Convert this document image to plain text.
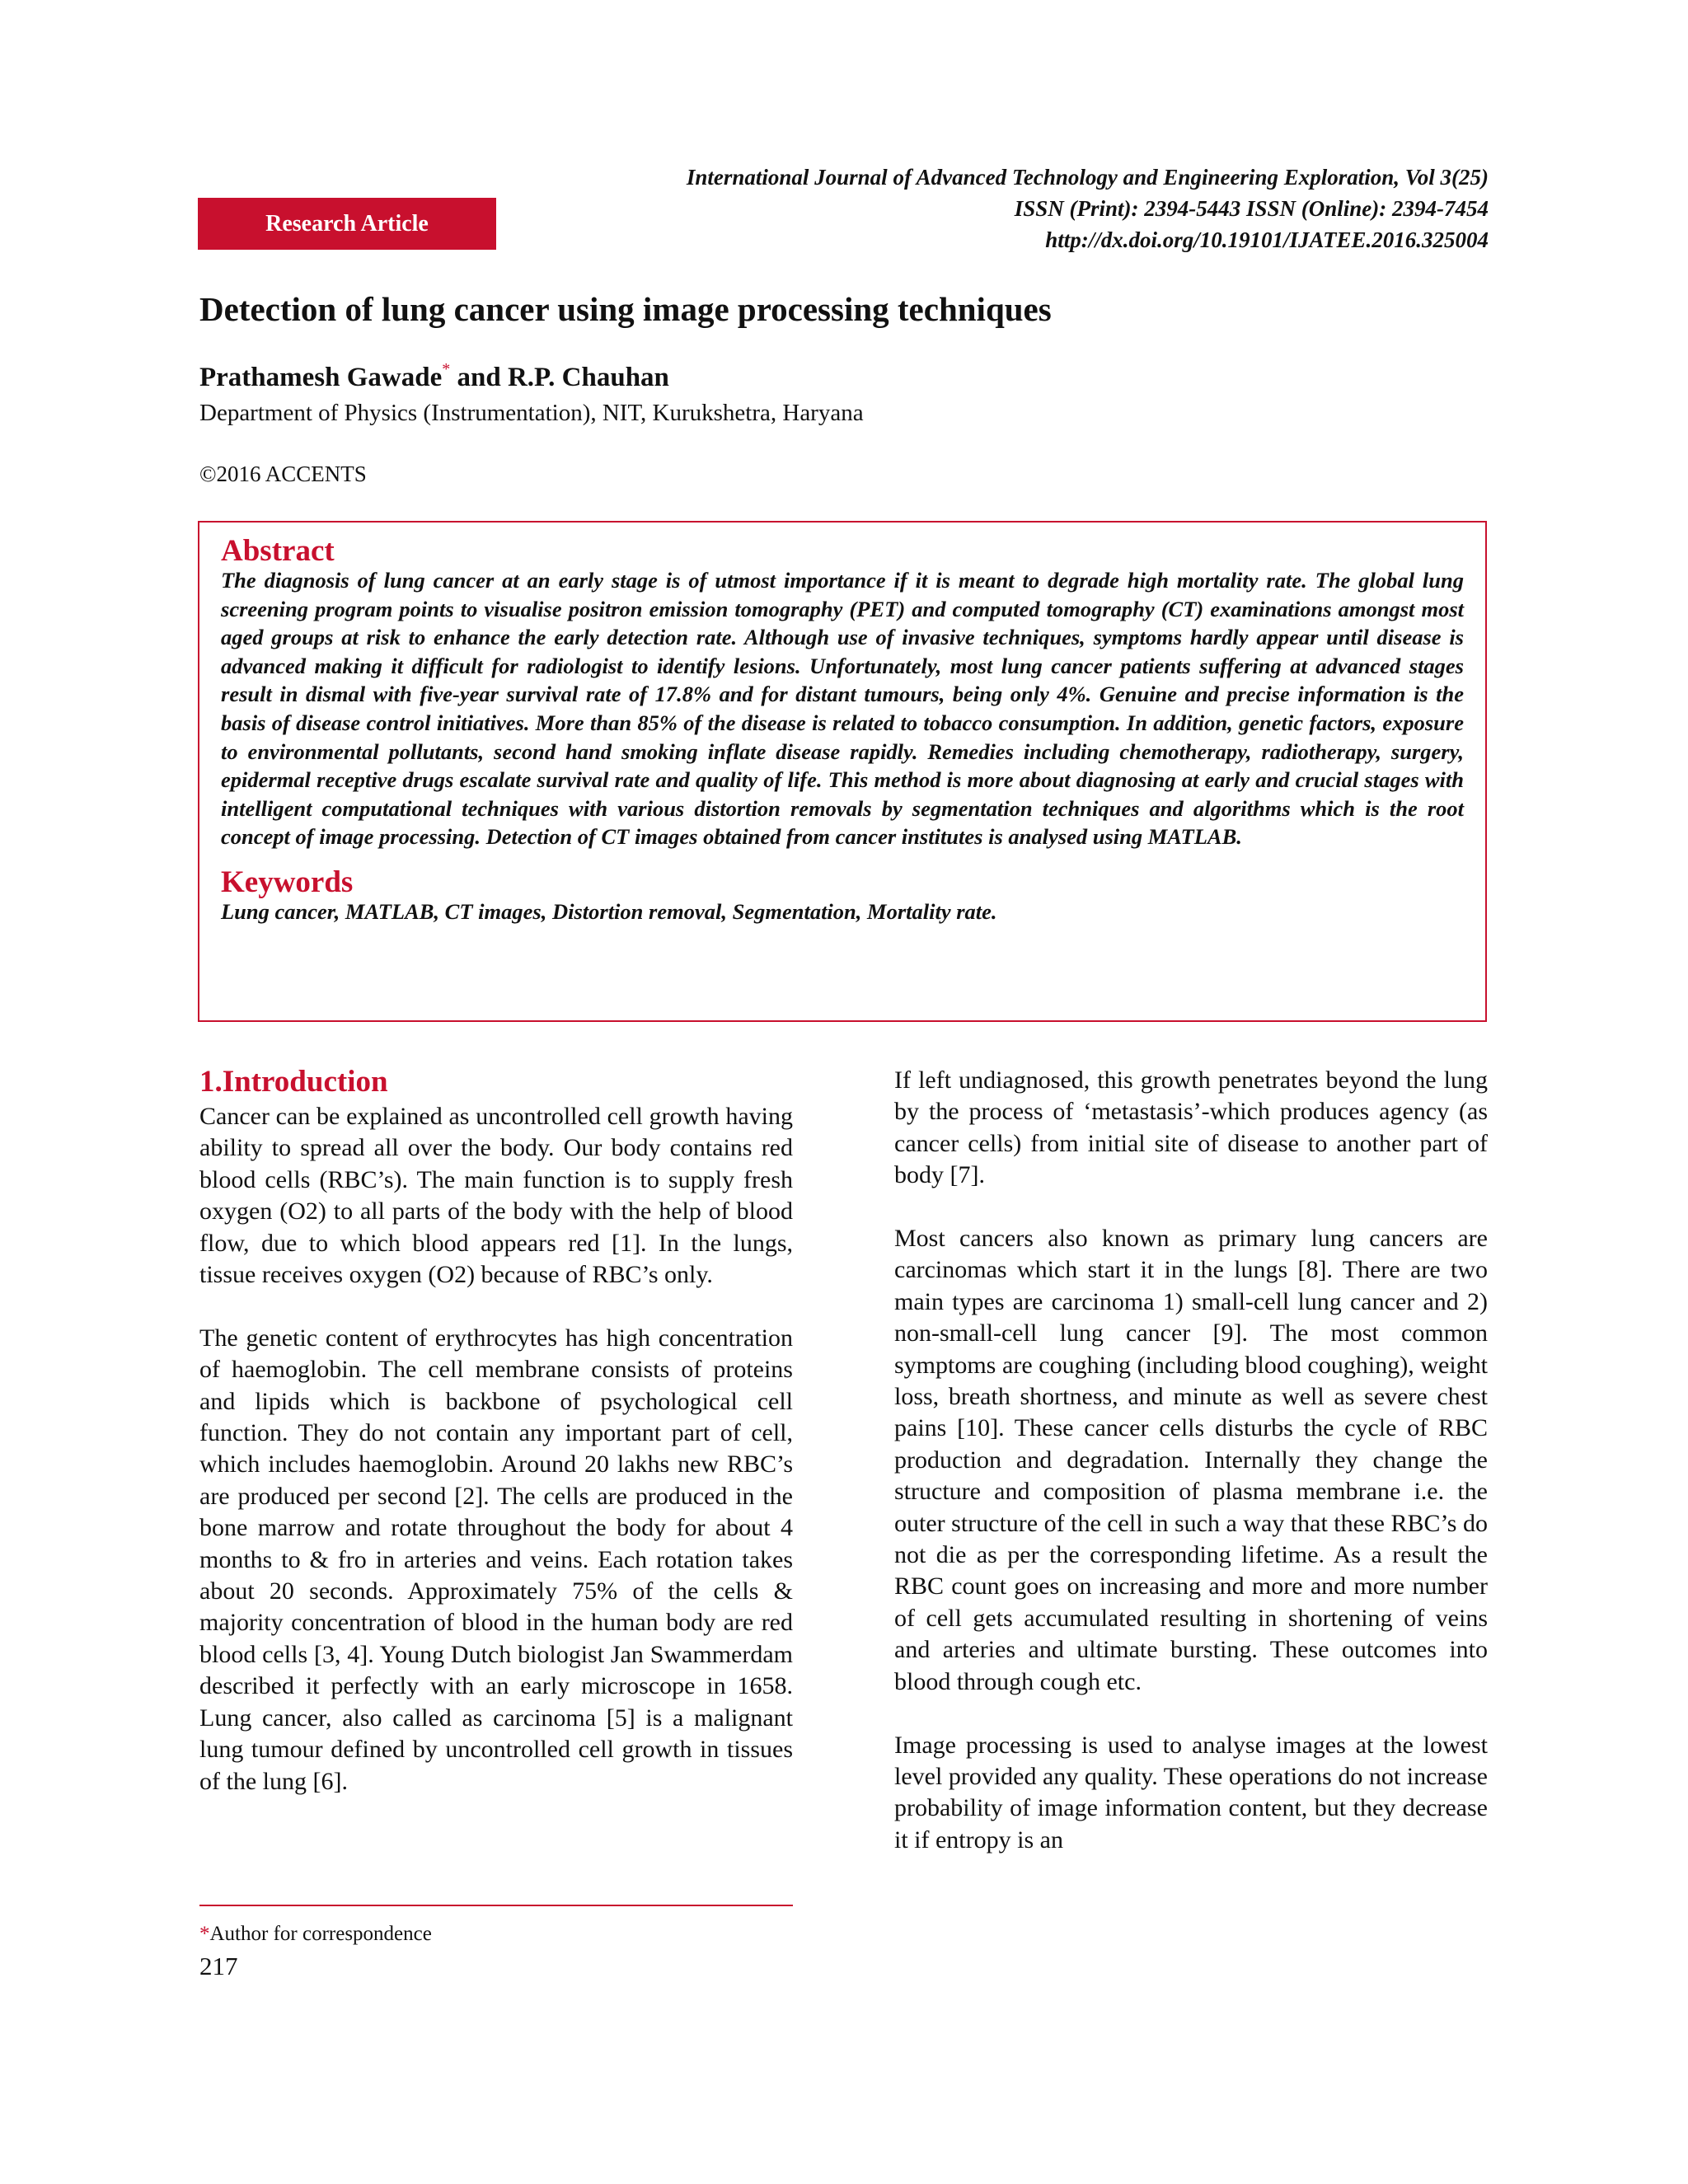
International Journal of Advanced Technology and Engineering Exploration, Vol 3(25)
ISSN (Print): 2394-5443 ISSN (Online): 2394-7454
http://dx.doi.org/10.19101/IJATEE.2016.325004
Research Article
Detection of lung cancer using image processing techniques
Prathamesh Gawade* and R.P. Chauhan
Department of Physics (Instrumentation), NIT, Kurukshetra, Haryana
©2016 ACCENTS
Abstract
The diagnosis of lung cancer at an early stage is of utmost importance if it is meant to degrade high mortality rate. The global lung screening program points to visualise positron emission tomography (PET) and computed tomography (CT) examinations amongst most aged groups at risk to enhance the early detection rate. Although use of invasive techniques, symptoms hardly appear until disease is advanced making it difficult for radiologist to identify lesions. Unfortunately, most lung cancer patients suffering at advanced stages result in dismal with five-year survival rate of 17.8% and for distant tumours, being only 4%. Genuine and precise information is the basis of disease control initiatives. More than 85% of the disease is related to tobacco consumption. In addition, genetic factors, exposure to environmental pollutants, second hand smoking inflate disease rapidly. Remedies including chemotherapy, radiotherapy, surgery, epidermal receptive drugs escalate survival rate and quality of life. This method is more about diagnosing at early and crucial stages with intelligent computational techniques with various distortion removals by segmentation techniques and algorithms which is the root concept of image processing. Detection of CT images obtained from cancer institutes is analysed using MATLAB.
Keywords
Lung cancer, MATLAB, CT images, Distortion removal, Segmentation, Mortality rate.
1.Introduction

Cancer can be explained as uncontrolled cell growth having ability to spread all over the body. Our body contains red blood cells (RBC’s). The main function is to supply fresh oxygen (O2) to all parts of the body with the help of blood flow, due to which blood appears red [1]. In the lungs, tissue receives oxygen (O2) because of RBC’s only.

The genetic content of erythrocytes has high concentration of haemoglobin. The cell membrane consists of proteins and lipids which is backbone of psychological cell function. They do not contain any important part of cell, which includes haemoglobin. Around 20 lakhs new RBC’s are produced per second [2]. The cells are produced in the bone marrow and rotate throughout the body for about 4 months to & fro in arteries and veins. Each rotation takes about 20 seconds. Approximately 75% of the cells & majority concentration of blood in the human body are red blood cells [3, 4]. Young Dutch biologist Jan Swammerdam described it perfectly with an early microscope in 1658. Lung cancer, also called as carcinoma [5] is a malignant lung tumour defined by uncontrolled cell growth in tissues of the lung [6].

If left undiagnosed, this growth penetrates beyond the lung by the process of ‘metastasis’-which produces agency (as cancer cells) from initial site of disease to another part of body [7].

Most cancers also known as primary lung cancers are carcinomas which start it in the lungs [8]. There are two main types are carcinoma 1) small-cell lung cancer and 2) non-small-cell lung cancer [9]. The most common symptoms are coughing (including blood coughing), weight loss, breath shortness, and minute as well as severe chest pains [10]. These cancer cells disturbs the cycle of RBC production and degradation. Internally they change the structure and composition of plasma membrane i.e. the outer structure of the cell in such a way that these RBC’s do not die as per the corresponding lifetime. As a result the RBC count goes on increasing and more and more number of cell gets accumulated resulting in shortening of veins and arteries and ultimate bursting. These outcomes into blood through cough etc.

Image processing is used to analyse images at the lowest level provided any quality. These operations do not increase probability of image information content, but they decrease it if entropy is an

*Author for correspondence
217
